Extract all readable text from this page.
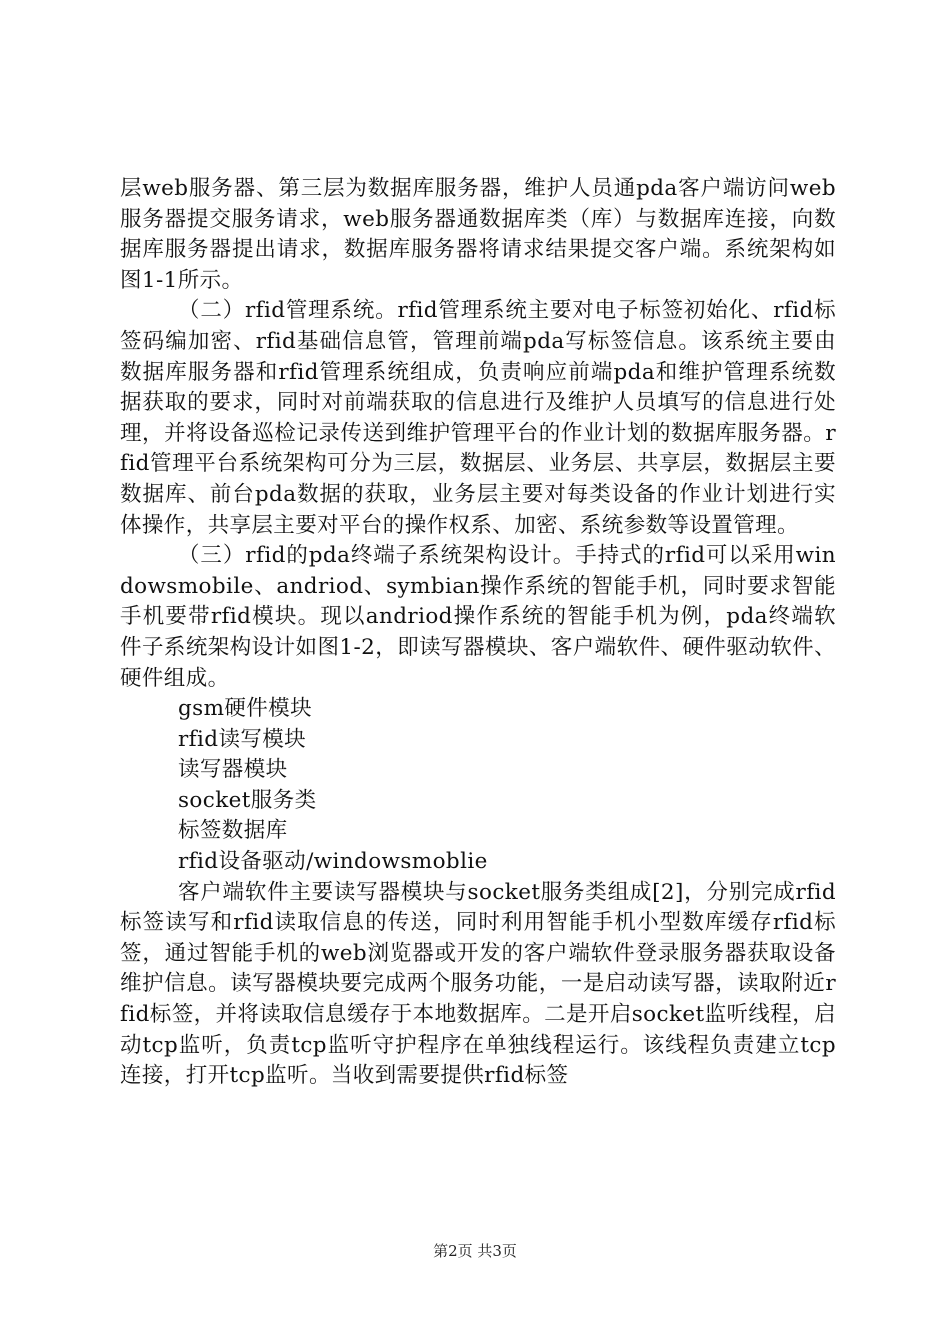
层web服务器、第三层为数据库服务器，维护人员通pda客户端访问web服务器提交服务请求，web服务器通数据库类（库）与数据库连接，向数据库服务器提出请求，数据库服务器将请求结果提交客户端。系统架构如图1-1所示。

（二）rfid管理系统。rfid管理系统主要对电子标签初始化、rfid标签码编加密、rfid基础信息管，管理前端pda写标签信息。该系统主要由数据库服务器和rfid管理系统组成，负责响应前端pda和维护管理系统数据获取的要求，同时对前端获取的信息进行及维护人员填写的信息进行处理，并将设备巡检记录传送到维护管理平台的作业计划的数据库服务器。rfid管理平台系统架构可分为三层，数据层、业务层、共享层，数据层主要数据库、前台pda数据的获取，业务层主要对每类设备的作业计划进行实体操作，共享层主要对平台的操作权系、加密、系统参数等设置管理。

（三）rfid的pda终端子系统架构设计。手持式的rfid可以采用windowsmobile、andriod、symbian操作系统的智能手机，同时要求智能手机要带rfid模块。现以andriod操作系统的智能手机为例，pda终端软件子系统架构设计如图1-2，即读写器模块、客户端软件、硬件驱动软件、硬件组成。

gsm硬件模块
rfid读写模块
读写器模块
socket服务类
标签数据库
rfid设备驱动/windowsmoblie

客户端软件主要读写器模块与socket服务类组成[2]，分别完成rfid标签读写和rfid读取信息的传送，同时利用智能手机小型数库缓存rfid标签，通过智能手机的web浏览器或开发的客户端软件登录服务器获取设备维护信息。读写器模块要完成两个服务功能，一是启动读写器，读取附近rfid标签，并将读取信息缓存于本地数据库。二是开启socket监听线程，启动tcp监听，负责tcp监听守护程序在单独线程运行。该线程负责建立tcp连接，打开tcp监听。当收到需要提供rfid标签

第2页 共3页
